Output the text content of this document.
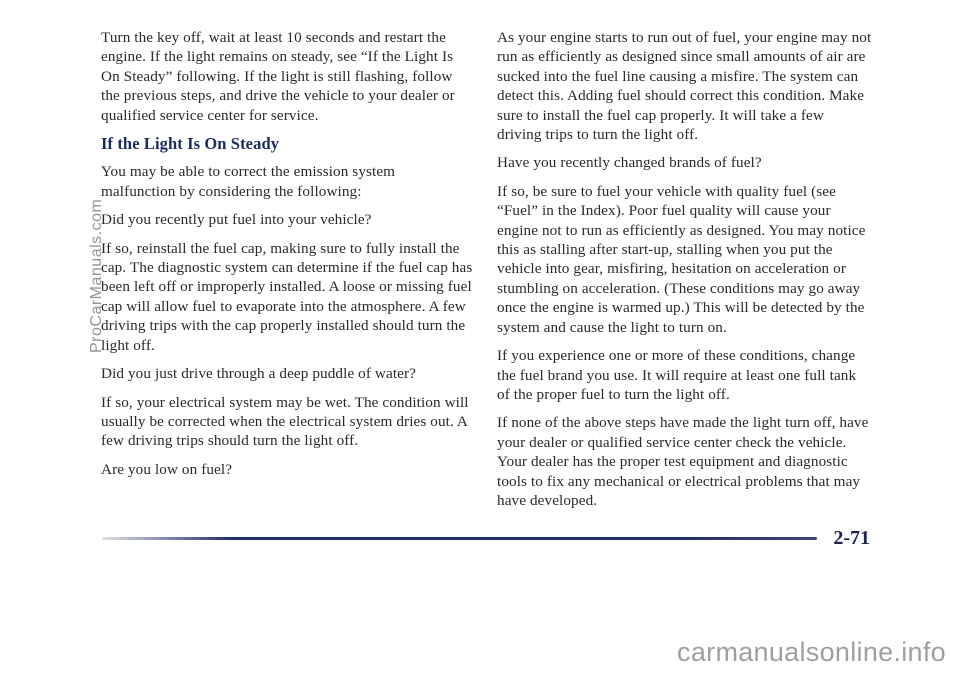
Turn the key off, wait at least 10 seconds and restart the engine. If the light remains on steady, see “If the Light Is On Steady” following. If the light is still flashing, follow the previous steps, and drive the vehicle to your dealer or qualified service center for service.

If the Light Is On Steady

You may be able to correct the emission system malfunction by considering the following:

Did you recently put fuel into your vehicle?

If so, reinstall the fuel cap, making sure to fully install the cap. The diagnostic system can determine if the fuel cap has been left off or improperly installed. A loose or missing fuel cap will allow fuel to evaporate into the atmosphere. A few driving trips with the cap properly installed should turn the light off.

Did you just drive through a deep puddle of water?

If so, your electrical system may be wet. The condition will usually be corrected when the electrical system dries out. A few driving trips should turn the light off.

Are you low on fuel?

As your engine starts to run out of fuel, your engine may not run as efficiently as designed since small amounts of air are sucked into the fuel line causing a misfire. The system can detect this. Adding fuel should correct this condition. Make sure to install the fuel cap properly. It will take a few driving trips to turn the light off.

Have you recently changed brands of fuel?

If so, be sure to fuel your vehicle with quality fuel (see “Fuel” in the Index). Poor fuel quality will cause your engine not to run as efficiently as designed. You may notice this as stalling after start-up, stalling when you put the vehicle into gear, misfiring, hesitation on acceleration or stumbling on acceleration. (These conditions may go away once the engine is warmed up.) This will be detected by the system and cause the light to turn on.

If you experience one or more of these conditions, change the fuel brand you use. It will require at least one full tank of the proper fuel to turn the light off.

If none of the above steps have made the light turn off, have your dealer or qualified service center check the vehicle. Your dealer has the proper test equipment and diagnostic tools to fix any mechanical or electrical problems that may have developed.

ProCarManuals.com
2-71
carmanualsonline.info
